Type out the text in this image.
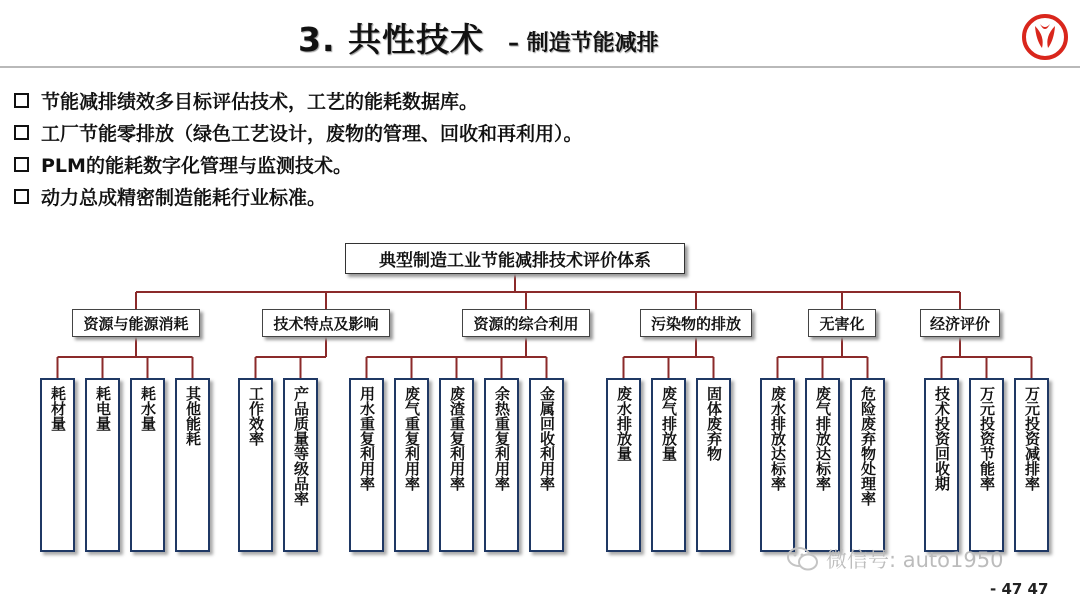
3. 共性技术 – 制造节能减排
节能减排绩效多目标评估技术，工艺的能耗数据库。
工厂节能零排放（绿色工艺设计，废物的管理、回收和再利用）。
PLM的能耗数字化管理与监测技术。
动力总成精密制造能耗行业标准。
典型制造工业节能减排技术评价体系
资源与能源消耗
耗材量 耗电量 耗水量 其他能耗
技术特点及影响
工作效率 产品质量等级品率
资源的综合利用
用水重复利用率 废气重复利用率 废渣重复利用率 余热重复利用率 金属回收利用率
污染物的排放
废水排放量 废气排放量 固体废弃物
无害化
废水排放达标率 废气排放达标率 危险废弃物处理率
经济评价
技术投资回收期 万元投资节能率 万元投资减排率
微信号: auto1950
- 47 47
